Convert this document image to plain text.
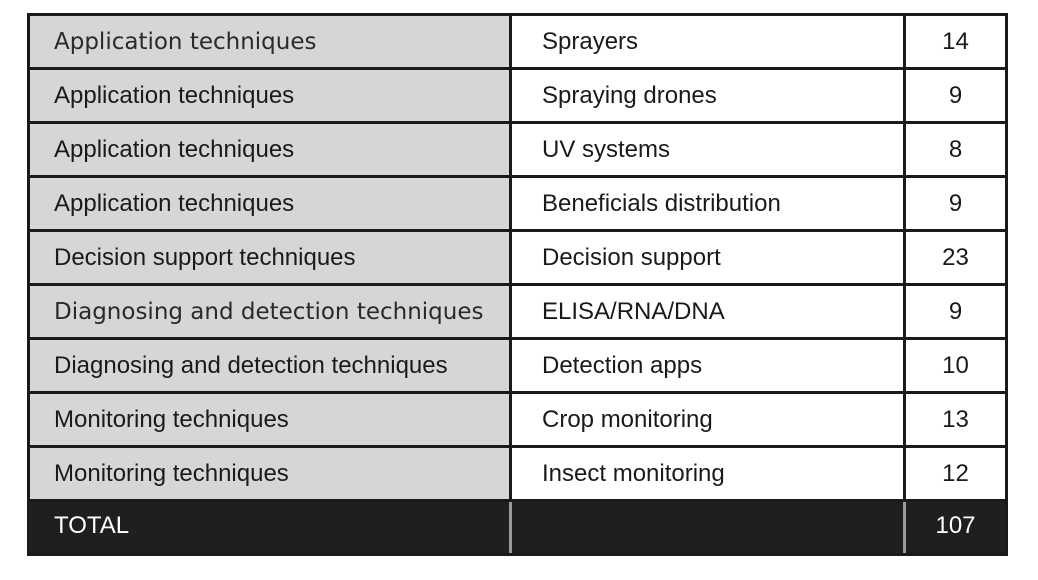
Application techniques	Sprayers	14
Application techniques	Spraying drones	9
Application techniques	UV systems	8
Application techniques	Beneficials distribution	9
Decision support techniques	Decision support	23
Diagnosing and detection techniques	ELISA/RNA/DNA	9
Diagnosing and detection techniques	Detection apps	10
Monitoring techniques	Crop monitoring	13
Monitoring techniques	Insect monitoring	12
TOTAL		107
